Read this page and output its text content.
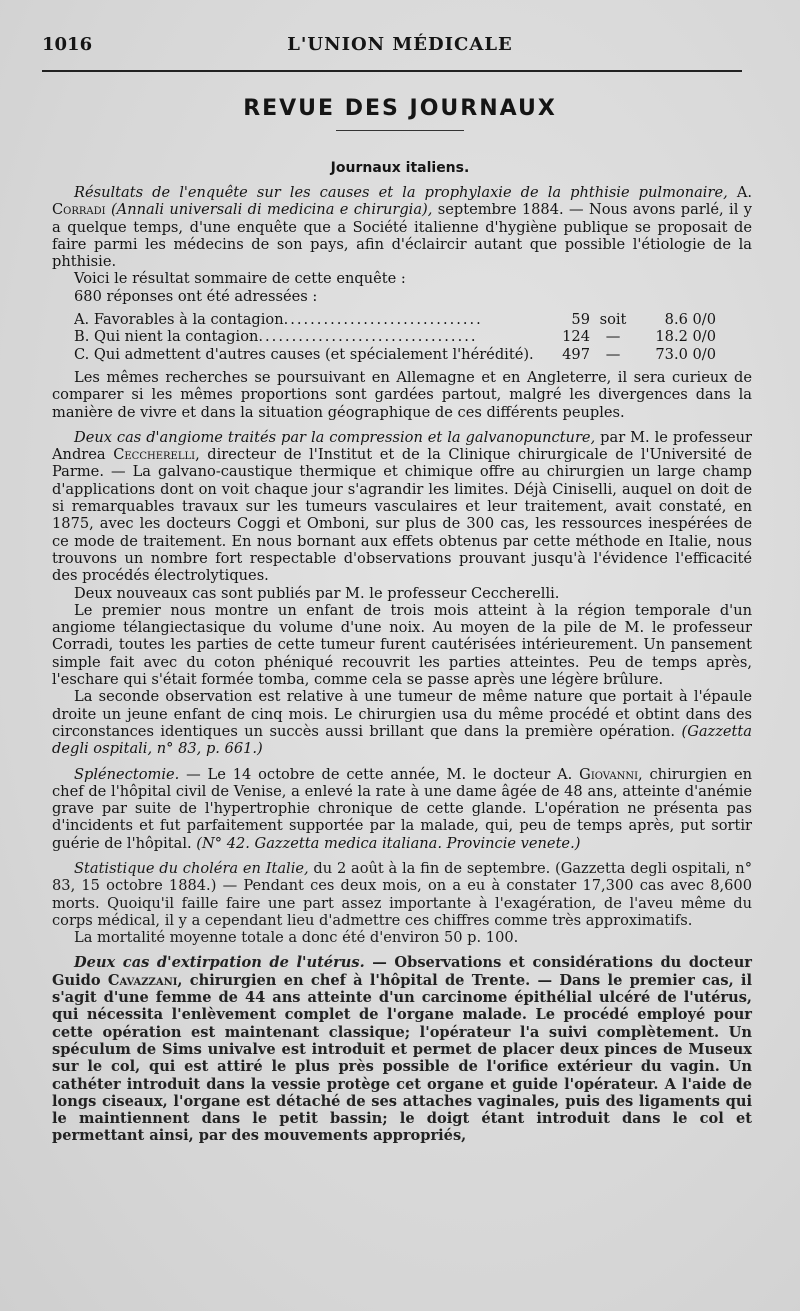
1016	L'UNION MÉDICALE
REVUE DES JOURNAUX
Journaux italiens.

Résultats de l'enquête sur les causes et la prophylaxie de la phthisie pulmonaire, A. Corradi (Annali universali di medicina e chirurgia), septembre 1884. — Nous avons parlé, il y a quelque temps, d'une enquête que a Société italienne d'hygiène publique se proposait de faire parmi les médecins de son pays, afin d'éclaircir autant que possible l'étiologie de la phthisie.

Voici le résultat sommaire de cette enquête :

680 réponses ont été adressées :

A. Favorables à la contagion..............................	59	soit	8.6 0/0
B. Qui nient la contagion.................................	124	—	18.2 0/0
C. Qui admettent d'autres causes (et spécialement l'hérédité).	497	—	73.0 0/0

Les mêmes recherches se poursuivant en Allemagne et en Angleterre, il sera curieux de comparer si les mêmes proportions sont gardées partout, malgré les divergences dans la manière de vivre et dans la situation géographique de ces différents peuples.

Deux cas d'angiome traités par la compression et la galvanopuncture, par M. le professeur Andrea Ceccherelli, directeur de l'Institut et de la Clinique chirurgicale de l'Université de Parme. — La galvano-caustique thermique et chimique offre au chirurgien un large champ d'applications dont on voit chaque jour s'agrandir les limites. Déjà Ciniselli, auquel on doit de si remarquables travaux sur les tumeurs vasculaires et leur traitement, avait constaté, en 1875, avec les docteurs Coggi et Omboni, sur plus de 300 cas, les ressources inespérées de ce mode de traitement. En nous bornant aux effets obtenus par cette méthode en Italie, nous trouvons un nombre fort respectable d'observations prouvant jusqu'à l'évidence l'efficacité des procédés électrolytiques.

Deux nouveaux cas sont publiés par M. le professeur Ceccherelli.

Le premier nous montre un enfant de trois mois atteint à la région temporale d'un angiome télangiectasique du volume d'une noix. Au moyen de la pile de M. le professeur Corradi, toutes les parties de cette tumeur furent cautérisées intérieurement. Un pansement simple fait avec du coton phéniqué recouvrit les parties atteintes. Peu de temps après, l'eschare qui s'était formée tomba, comme cela se passe après une légère brûlure.

La seconde observation est relative à une tumeur de même nature que portait à l'épaule droite un jeune enfant de cinq mois. Le chirurgien usa du même procédé et obtint dans des circonstances identiques un succès aussi brillant que dans la première opération. (Gazzetta degli ospitali, n° 83, p. 661.)

Splénectomie. — Le 14 octobre de cette année, M. le docteur A. Giovanni, chirurgien en chef de l'hôpital civil de Venise, a enlevé la rate à une dame âgée de 48 ans, atteinte d'anémie grave par suite de l'hypertrophie chronique de cette glande. L'opération ne présenta pas d'incidents et fut parfaitement supportée par la malade, qui, peu de temps après, put sortir guérie de l'hôpital. (N° 42. Gazzetta medica italiana. Provincie venete.)

Statistique du choléra en Italie, du 2 août à la fin de septembre. (Gazzetta degli ospitali, n° 83, 15 octobre 1884.) — Pendant ces deux mois, on a eu à constater 17,300 cas avec 8,600 morts. Quoiqu'il faille faire une part assez importante à l'exagération, de l'aveu même du corps médical, il y a cependant lieu d'admettre ces chiffres comme très approximatifs.

La mortalité moyenne totale a donc été d'environ 50 p. 100.

Deux cas d'extirpation de l'utérus. — Observations et considérations du docteur Guido Cavazzani, chirurgien en chef à l'hôpital de Trente. — Dans le premier cas, il s'agit d'une femme de 44 ans atteinte d'un carcinome épithélial ulcéré de l'utérus, qui nécessita l'enlèvement complet de l'organe malade. Le procédé employé pour cette opération est maintenant classique; l'opérateur l'a suivi complètement. Un spéculum de Sims univalve est introduit et permet de placer deux pinces de Museux sur le col, qui est attiré le plus près possible de l'orifice extérieur du vagin. Un cathéter introduit dans la vessie protège cet organe et guide l'opérateur. A l'aide de longs ciseaux, l'organe est détaché de ses attaches vaginales, puis des ligaments qui le maintiennent dans le petit bassin; le doigt étant introduit dans le col et permettant ainsi, par des mouvements appropriés,
